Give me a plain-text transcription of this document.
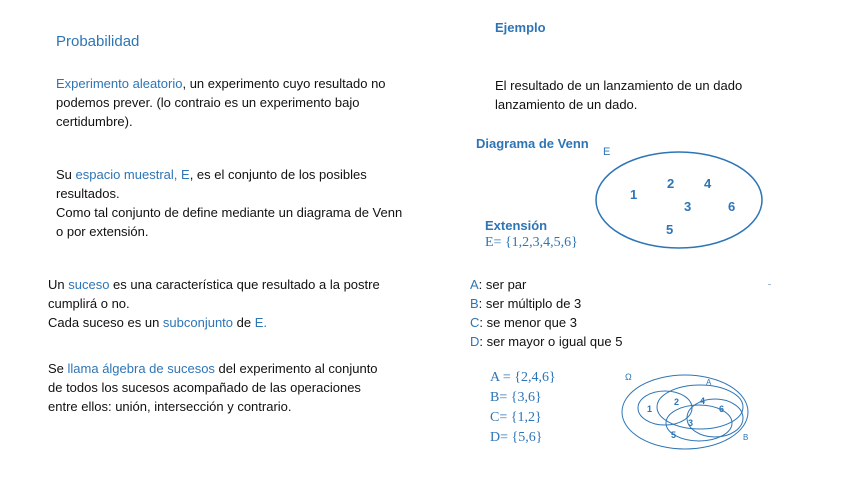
Probabilidad
Experimento aleatorio, un experimento cuyo resultado no podemos prever. (lo contraio es un experimento bajo certidumbre).
Su espacio muestral, E, es el conjunto de los posibles resultados.
Como tal conjunto de define mediante un diagrama de Venn o por extensión.
Un suceso es una característica que resultado a la postre cumplirá o no.
Cada suceso es un subconjunto de E.
Se llama álgebra de sucesos del experimento al conjunto de todos los sucesos acompañado de las operaciones entre ellos: unión, intersección y contrario.
Ejemplo
El resultado de un lanzamiento de un dado lanzamiento de un dado.
Diagrama de Venn
E
1
2 4
3	6
5
Extensión
E= {1,2,3,4,5,6}
A: ser par
B: ser múltiplo de 3
C: se menor que 3
D: ser mayor o igual que 5
A = {2,4,6}
B= {3,6}
C= {1,2}
D= {5,6}
Ω
A
B
1
2 4
6
3
5
